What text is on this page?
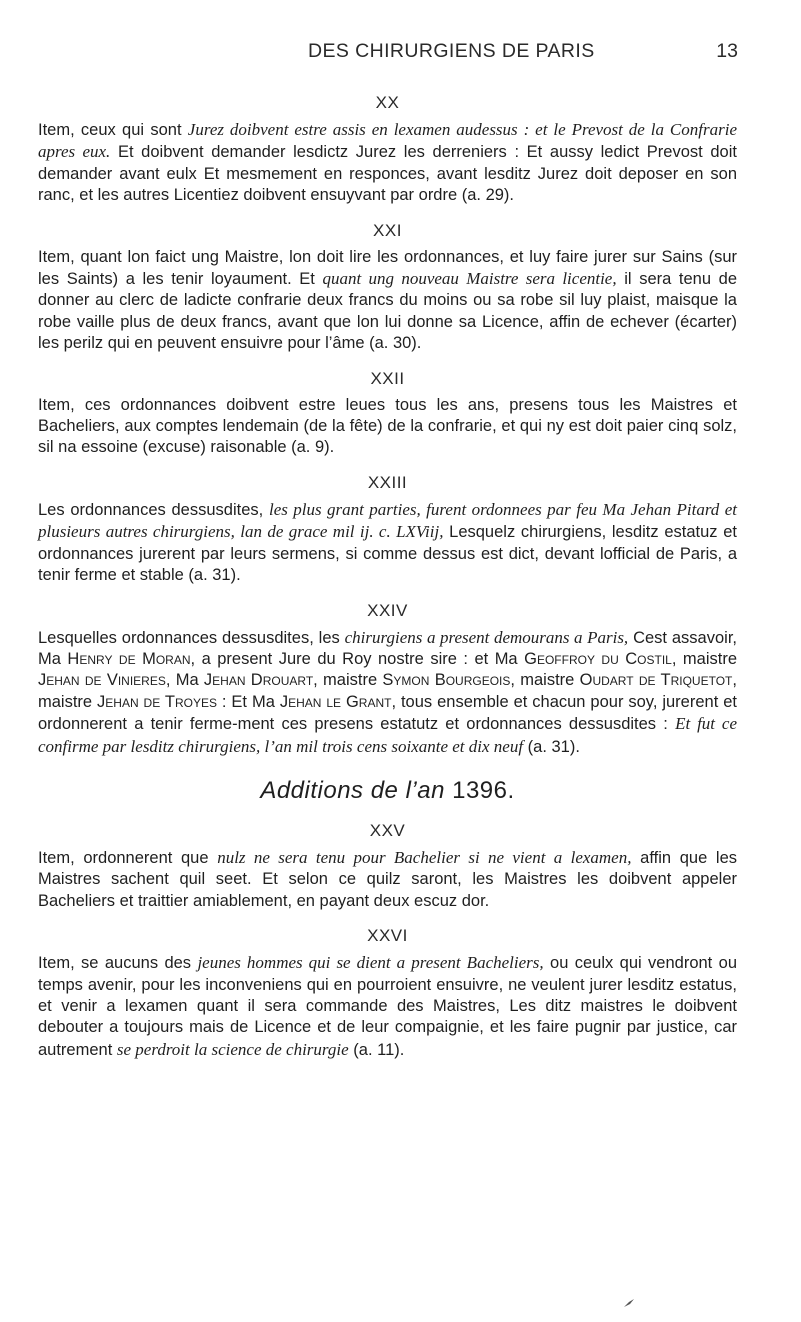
DES CHIRURGIENS DE PARIS	13
XX

Item, ceux qui sont Jurez doibvent estre assis en lexamen audessus : et le Prevost de la Confrarie apres eux. Et doibvent demander lesdictz Jurez les derreniers : Et aussy ledict Prevost doit demander avant eulx Et mesmement en responces, avant lesditz Jurez doit deposer en son ranc, et les autres Licentiez doibvent ensuyvant par ordre (a. 29).

XXI

Item, quant lon faict ung Maistre, lon doit lire les ordonnances, et luy faire jurer sur Sains (sur les Saints) a les tenir loyaument. Et quant ung nouveau Maistre sera licentie, il sera tenu de donner au clerc de ladicte confrarie deux francs du moins ou sa robe sil luy plaist, maisque la robe vaille plus de deux francs, avant que lon lui donne sa Licence, affin de echever (écarter) les perilz qui en peuvent ensuivre pour l’âme (a. 30).

XXII

Item, ces ordonnances doibvent estre leues tous les ans, presens tous les Maistres et Bacheliers, aux comptes lendemain (de la fête) de la confrarie, et qui ny est doit paier cinq solz, sil na essoine (excuse) raisonable (a. 9).

XXIII

Les ordonnances dessusdites, les plus grant parties, furent ordonnees par feu Ma Jehan Pitard et plusieurs autres chirurgiens, lan de grace mil ij. c. LXViij, Lesquelz chirurgiens, lesditz estatuz et ordonnances jurerent par leurs sermens, si comme dessus est dict, devant lofficial de Paris, a tenir ferme et stable (a. 31).

XXIV

Lesquelles ordonnances dessusdites, les chirurgiens a present demourans a Paris, Cest assavoir, Ma Henry de Moran, a present Jure du Roy nostre sire : et Ma Geoffroy du Costil, maistre Jehan de Vinieres, Ma Jehan Drouart, maistre Symon Bourgeois, maistre Oudart de Triquetot, maistre Jehan de Troyes : Et Ma Jehan le Grant, tous ensemble et chacun pour soy, jurerent et ordonnerent a tenir ferme-ment ces presens estatutz et ordonnances dessusdites : Et fut ce confirme par lesditz chirurgiens, l’an mil trois cens soixante et dix neuf (a. 31).

Additions de l’an 1396.
XXV

Item, ordonnerent que nulz ne sera tenu pour Bachelier si ne vient a lexamen, affin que les Maistres sachent quil seet. Et selon ce quilz saront, les Maistres les doibvent appeler Bacheliers et traittier amiablement, en payant deux escuz dor.

XXVI

Item, se aucuns des jeunes hommes qui se dient a present Bacheliers, ou ceulx qui vendront ou temps avenir, pour les inconveniens qui en pourroient ensuivre, ne veulent jurer lesditz estatus, et venir a lexamen quant il sera commande des Maistres, Les ditz maistres le doibvent debouter a toujours mais de Licence et de leur compaignie, et les faire pugnir par justice, car autrement se perdroit la science de chirurgie (a. 11).
